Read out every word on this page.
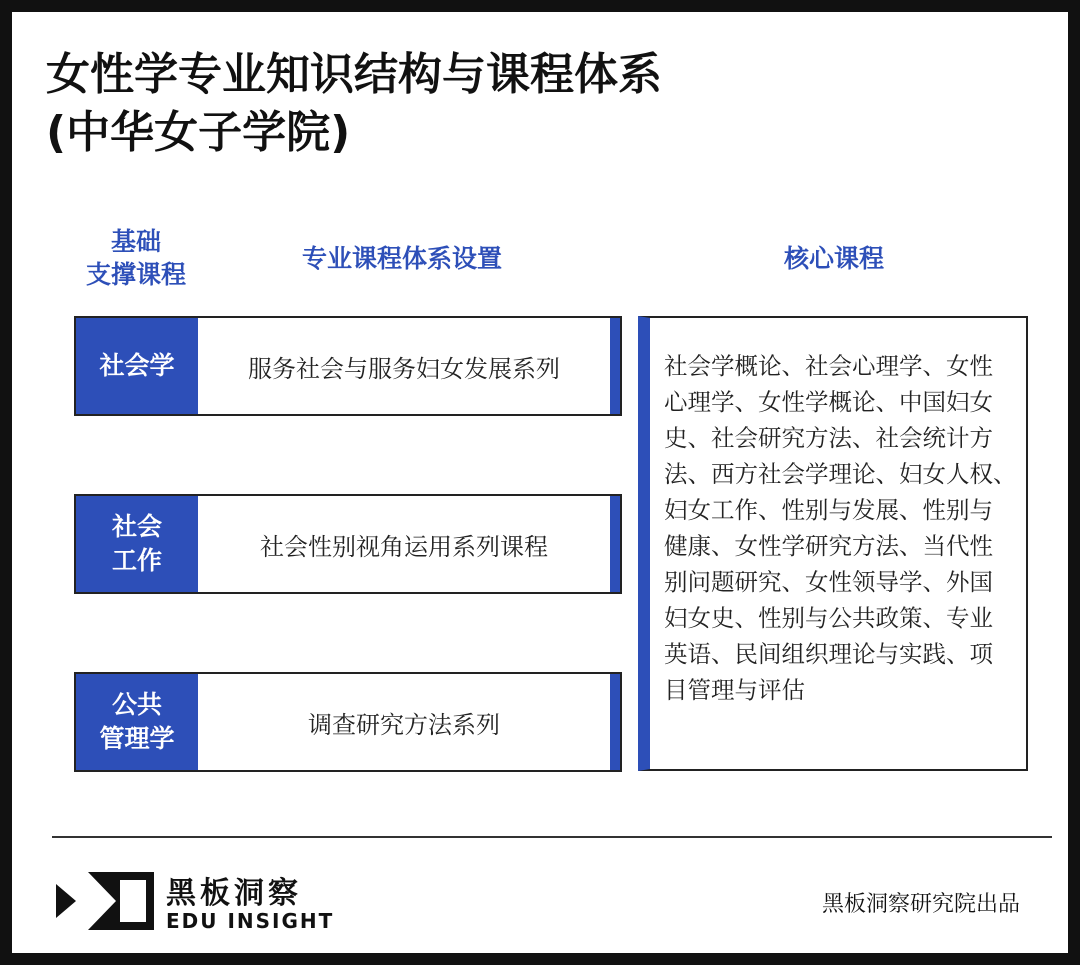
女性学专业知识结构与课程体系
(中华女子学院)
基础
支撑课程
专业课程体系设置	核心课程
社会学	服务社会与服务妇女发展系列
社会
工作	社会性别视角运用系列课程
公共
管理学	调查研究方法系列
社会学概论、社会心理学、女性
心理学、女性学概论、中国妇女
史、社会研究方法、社会统计方
法、西方社会学理论、妇女人权、
妇女工作、性别与发展、性别与
健康、女性学研究方法、当代性
别问题研究、女性领导学、外国
妇女史、性别与公共政策、专业
英语、民间组织理论与实践、项
目管理与评估
黑板洞察
EDU INSIGHT
黑板洞察研究院出品
